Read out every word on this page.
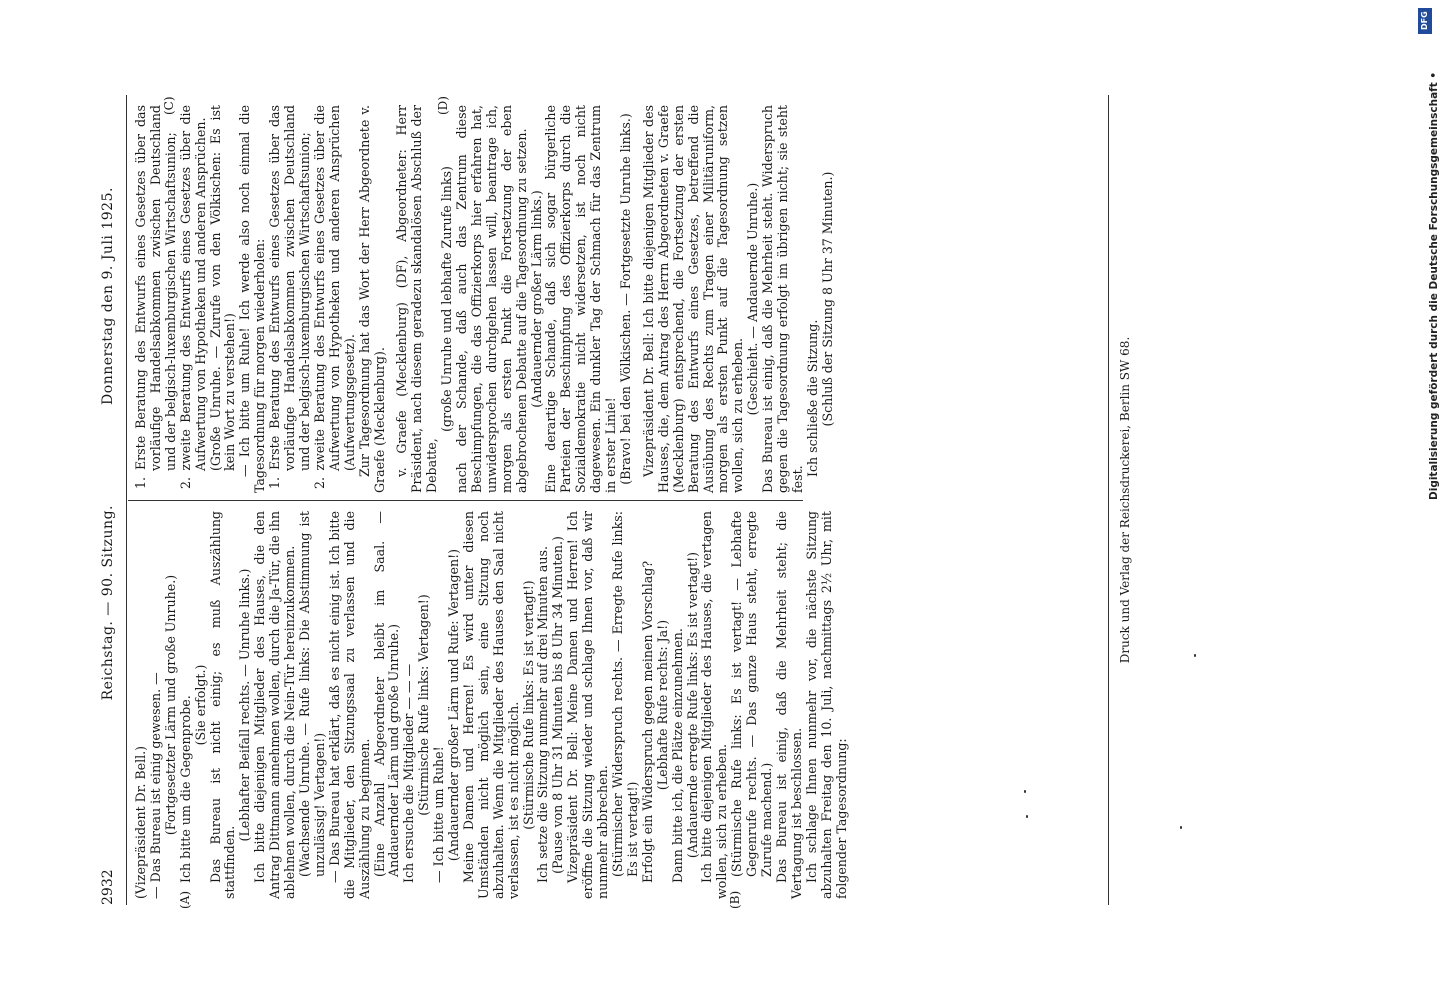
2932
Reichstag. — 90. Sitzung.
Donnerstag den 9. Juli 1925.
(A)	(B)
(C)	(D)

(Vizepräsident Dr. Bell.) — Das Bureau ist einig gewesen. — (Fortgesetzter Lärm und große Unruhe.) Ich bitte um die Gegenprobe. (Sie erfolgt.) Das Bureau ist nicht einig; es muß Auszählung stattfinden.

(Lebhafter Beifall rechts. — Unruhe links.) Ich bitte diejenigen Mitglieder des Hauses, die den Antrag Dittmann annehmen wollen, durch die Ja-Tür, die ihn ablehnen wollen, durch die Nein-Tür hereinzukommen. (Wachsende Unruhe. — Rufe links: Die Abstimmung ist unzulässig! Vertagen!) — Das Bureau hat erklärt, daß es nicht einig ist. Ich bitte die Mitglieder, den Sitzungssaal zu verlassen und die Auszählung zu beginnen. (Eine Anzahl Abgeordneter bleibt im Saal. — Andauernder Lärm und große Unruhe.) Ich ersuche die Mitglieder — — — (Stürmische Rufe links: Vertagen!) — Ich bitte um Ruhe! (Andauernder großer Lärm und Rufe: Vertagen!) Meine Damen und Herren! Es wird unter diesen Umständen nicht möglich sein, eine Sitzung noch abzuhalten. Wenn die Mitglieder des Hauses den Saal nicht verlassen, ist es nicht möglich. (Stürmische Rufe links: Es ist vertagt!) Ich setze die Sitzung nunmehr auf drei Minuten aus. (Pause von 8 Uhr 31 Minuten bis 8 Uhr 34 Minuten.) Vizepräsident Dr. Bell: Meine Damen und Herren! Ich eröffne die Sitzung wieder und schlage Ihnen vor, daß wir nunmehr abbrechen. (Stürmischer Widerspruch rechts. — Erregte Rufe links: Es ist vertagt!) Erfolgt ein Widerspruch gegen meinen Vorschlag? (Lebhafte Rufe rechts: Ja!) Dann bitte ich, die Plätze einzunehmen. (Andauernde erregte Rufe links: Es ist vertagt!) Ich bitte diejenigen Mitglieder des Hauses, die vertagen wollen, sich zu erheben. (Stürmische Rufe links: Es ist vertagt! — Lebhafte Gegenrufe rechts. — Das ganze Haus steht, erregte Zurufe machend.) Das Bureau ist einig, daß die Mehrheit steht; die Vertagung ist beschlossen. Ich schlage Ihnen nunmehr vor, die nächste Sitzung abzuhalten Freitag den 10. Juli, nachmittags 2½ Uhr, mit folgender Tagesordnung:

1. Erste Beratung des Entwurfs eines Gesetzes über das vorläufige Handelsabkommen zwischen Deutschland und der belgisch-luxemburgischen Wirtschaftsunion; 2. zweite Beratung des Entwurfs eines Gesetzes über die Aufwertung von Hypotheken und anderen Ansprüchen. (Große Unruhe. — Zurufe von den Völkischen: Es ist kein Wort zu verstehen!) — Ich bitte um Ruhe! Ich werde also noch einmal die Tagesordnung für morgen wiederholen: 1. Erste Beratung des Entwurfs eines Gesetzes über das vorläufige Handelsabkommen zwischen Deutschland und der belgisch-luxemburgischen Wirtschaftsunion; 2. zweite Beratung des Entwurfs eines Gesetzes über die Aufwertung von Hypotheken und anderen Ansprüchen (Aufwertungsgesetz). Zur Tagesordnung hat das Wort der Herr Abgeordnete v. Graefe (Mecklenburg). v. Graefe (Mecklenburg) (DF), Abgeordneter: Herr Präsident, nach diesem geradezu skandalösen Abschluß der Debatte,

(große Unruhe und lebhafte Zurufe links) nach der Schande, daß auch das Zentrum diese Beschimpfungen, die das Offizierkorps hier erfahren hat, unwidersprochen durchgehen lassen will, beantrage ich, morgen als ersten Punkt die Fortsetzung der eben abgebrochenen Debatte auf die Tagesordnung zu setzen. (Andauernder großer Lärm links.) Eine derartige Schande, daß sich sogar bürgerliche Parteien der Beschimpfung des Offizierkorps durch die Sozialdemokratie nicht widersetzen, ist noch nicht dagewesen. Ein dunkler Tag der Schmach für das Zentrum in erster Linie! (Bravo! bei den Völkischen. — Fortgesetzte Unruhe links.) Vizepräsident Dr. Bell: Ich bitte diejenigen Mitglieder des Hauses, die, dem Antrag des Herrn Abgeordneten v. Graefe (Mecklenburg) entsprechend, die Fortsetzung der ersten Beratung des Entwurfs eines Gesetzes, betreffend die Ausübung des Rechts zum Tragen einer Militäruniform, morgen als ersten Punkt auf die Tagesordnung setzen wollen, sich zu erheben.

(Geschieht. — Andauernde Unruhe.) Das Bureau ist einig, daß die Mehrheit steht. Widerspruch gegen die Tagesordnung erfolgt im übrigen nicht; sie steht fest.

Ich schließe die Sitzung. (Schluß der Sitzung 8 Uhr 37 Minuten.)

Druck und Verlag der Reichsdruckerei, Berlin SW 68.	Digitalisierung gefördert durch die Deutsche Forschungsgemeinschaft •
DFG
